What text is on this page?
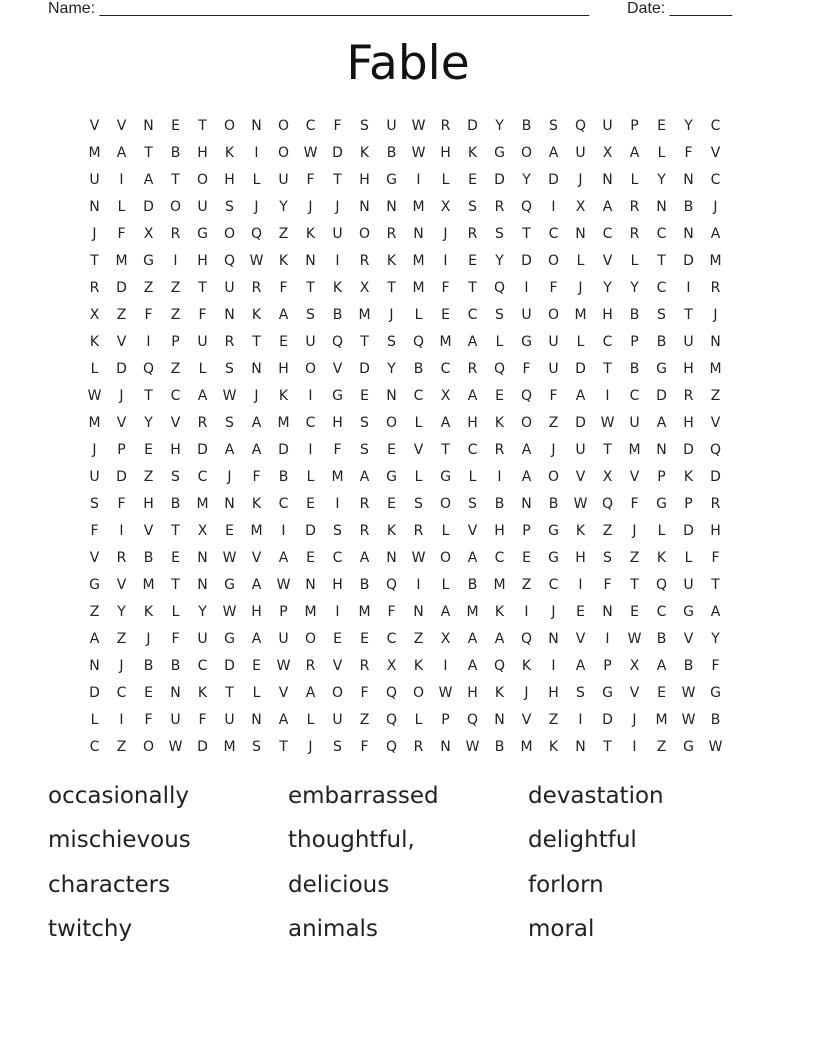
Name: _______________________________________________________ Date: _______
Fable
V	V	N	E	T	O	N	O	C	F	S	U	W	R	D	Y	B	S	Q	U	P	E	Y	C
M	A	T	B	H	K	I	O	W	D	K	B	W	H	K	G	O	A	U	X	A	L	F	V
U	I	A	T	O	H	L	U	F	T	H	G	I	L	E	D	Y	D	J	N	L	Y	N	C
N	L	D	O	U	S	J	Y	J	J	N	N	M	X	S	R	Q	I	X	A	R	N	B	J
J	F	X	R	G	O	Q	Z	K	U	O	R	N	J	R	S	T	C	N	C	R	C	N	A
T	M	G	I	H	Q	W	K	N	I	R	K	M	I	E	Y	D	O	L	V	L	T	D	M
R	D	Z	Z	T	U	R	F	T	K	X	T	M	F	T	Q	I	F	J	Y	Y	C	I	R
X	Z	F	Z	F	N	K	A	S	B	M	J	L	E	C	S	U	O	M	H	B	S	T	J
K	V	I	P	U	R	T	E	U	Q	T	S	Q	M	A	L	G	U	L	C	P	B	U	N
L	D	Q	Z	L	S	N	H	O	V	D	Y	B	C	R	Q	F	U	D	T	B	G	H	M
W	J	T	C	A	W	J	K	I	G	E	N	C	X	A	E	Q	F	A	I	C	D	R	Z
M	V	Y	V	R	S	A	M	C	H	S	O	L	A	H	K	O	Z	D	W	U	A	H	V
J	P	E	H	D	A	A	D	I	F	S	E	V	T	C	R	A	J	U	T	M	N	D	Q
U	D	Z	S	C	J	F	B	L	M	A	G	L	G	L	I	A	O	V	X	V	P	K	D
S	F	H	B	M	N	K	C	E	I	R	E	S	O	S	B	N	B	W	Q	F	G	P	R
F	I	V	T	X	E	M	I	D	S	R	K	R	L	V	H	P	G	K	Z	J	L	D	H
V	R	B	E	N	W	V	A	E	C	A	N	W	O	A	C	E	G	H	S	Z	K	L	F
G	V	M	T	N	G	A	W	N	H	B	Q	I	L	B	M	Z	C	I	F	T	Q	U	T
Z	Y	K	L	Y	W	H	P	M	I	M	F	N	A	M	K	I	J	E	N	E	C	G	A
A	Z	J	F	U	G	A	U	O	E	E	C	Z	X	A	A	Q	N	V	I	W	B	V	Y
N	J	B	B	C	D	E	W	R	V	R	X	K	I	A	Q	K	I	A	P	X	A	B	F
D	C	E	N	K	T	L	V	A	O	F	Q	O	W	H	K	J	H	S	G	V	E	W	G
L	I	F	U	F	U	N	A	L	U	Z	Q	L	P	Q	N	V	Z	I	D	J	M	W	B
C	Z	O	W	D	M	S	T	J	S	F	Q	R	N	W	B	M	K	N	T	I	Z	G	W
occasionally	embarrassed	devastation
mischievous	thoughtful,	delightful
characters	delicious	forlorn
twitchy	animals	moral
